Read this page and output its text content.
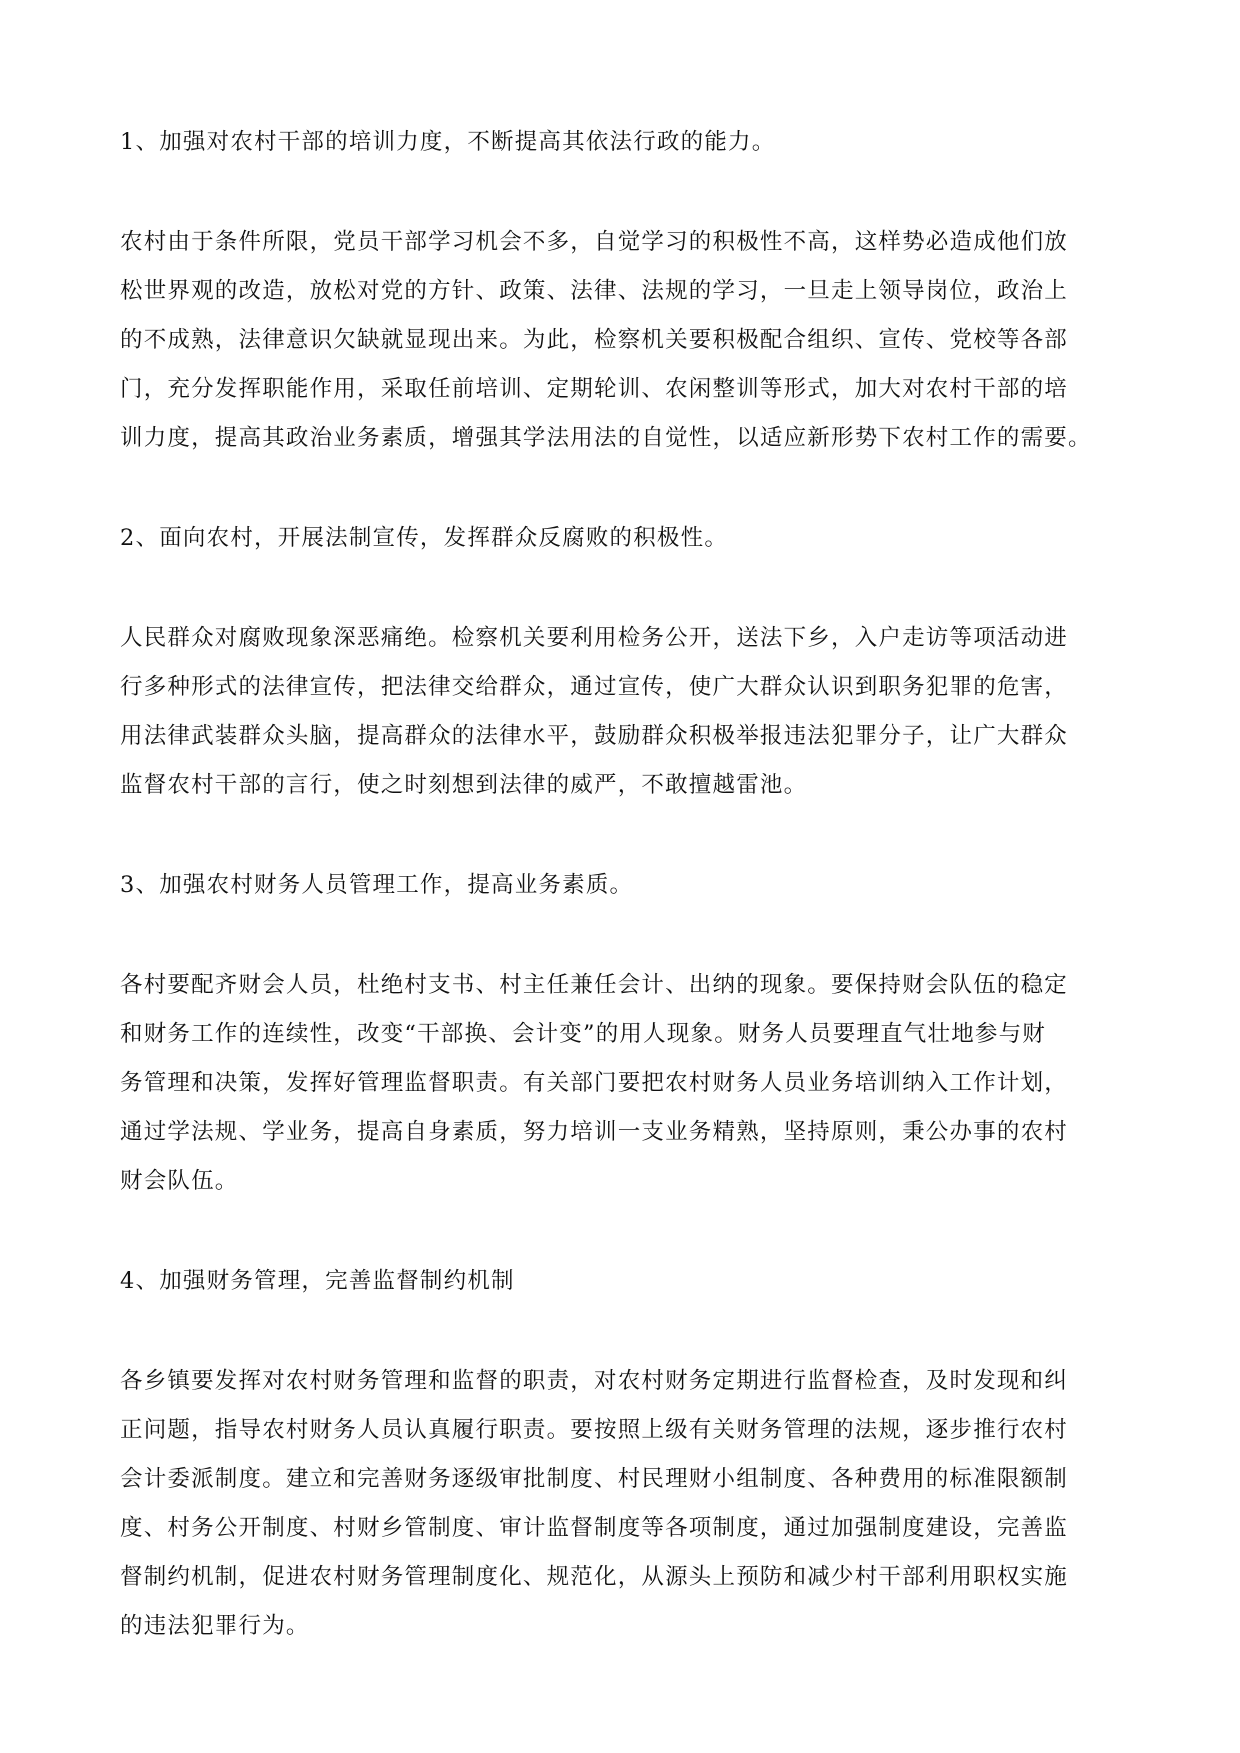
1、加强对农村干部的培训力度，不断提高其依法行政的能力。

农村由于条件所限，党员干部学习机会不多，自觉学习的积极性不高，这样势必造成他们放
松世界观的改造，放松对党的方针、政策、法律、法规的学习，一旦走上领导岗位，政治上
的不成熟，法律意识欠缺就显现出来。为此，检察机关要积极配合组织、宣传、党校等各部
门，充分发挥职能作用，采取任前培训、定期轮训、农闲整训等形式，加大对农村干部的培
训力度，提高其政治业务素质，增强其学法用法的自觉性，以适应新形势下农村工作的需要。

2、面向农村，开展法制宣传，发挥群众反腐败的积极性。

人民群众对腐败现象深恶痛绝。检察机关要利用检务公开，送法下乡，入户走访等项活动进
行多种形式的法律宣传，把法律交给群众，通过宣传，使广大群众认识到职务犯罪的危害，
用法律武装群众头脑，提高群众的法律水平，鼓励群众积极举报违法犯罪分子，让广大群众
监督农村干部的言行，使之时刻想到法律的威严，不敢擅越雷池。

3、加强农村财务人员管理工作，提高业务素质。

各村要配齐财会人员，杜绝村支书、村主任兼任会计、出纳的现象。要保持财会队伍的稳定
和财务工作的连续性，改变“干部换、会计变”的用人现象。财务人员要理直气壮地参与财
务管理和决策，发挥好管理监督职责。有关部门要把农村财务人员业务培训纳入工作计划，
通过学法规、学业务，提高自身素质，努力培训一支业务精熟，坚持原则，秉公办事的农村
财会队伍。

4、加强财务管理，完善监督制约机制

各乡镇要发挥对农村财务管理和监督的职责，对农村财务定期进行监督检查，及时发现和纠
正问题，指导农村财务人员认真履行职责。要按照上级有关财务管理的法规，逐步推行农村
会计委派制度。建立和完善财务逐级审批制度、村民理财小组制度、各种费用的标准限额制
度、村务公开制度、村财乡管制度、审计监督制度等各项制度，通过加强制度建设，完善监
督制约机制，促进农村财务管理制度化、规范化，从源头上预防和减少村干部利用职权实施
的违法犯罪行为。
